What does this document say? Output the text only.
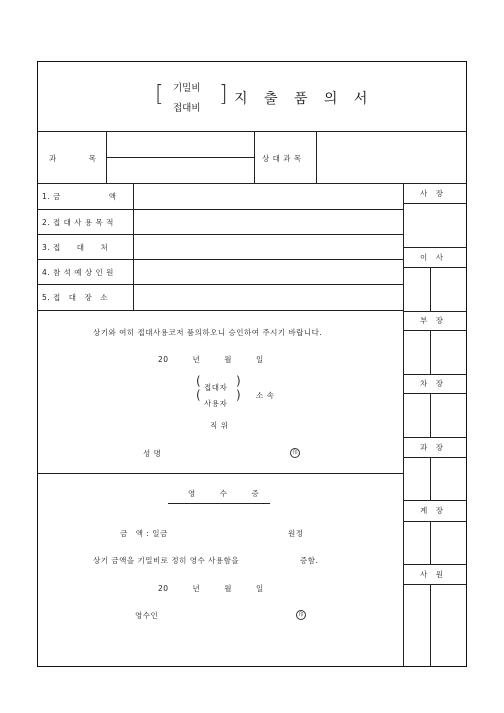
[ 기밀비
접대비
] 지 출 품 의 서
사　장
이　사
부　장
차　장
과　장
계　장
사　원
과　　　　목	상 대 과 목
1. 금　　　　　　액
2. 접 대 사 용 목 적
3. 접　　대　　처
4. 참 석 예 상 인 원
5. 접　대　장　소
상기와 여히 접대사용코저 품의하오니 승인하여 주시기 바랍니다.
20　　　년　　　월　　　일
(
(
접대자
사용자
)
) 소 속
직 위
성 명	印
영　　　수　　　증
금　액 : 일금	원정
상기 금액을 기밀비로 정히 영수 사용함을	증함.
20　　　년　　　월　　　일
영수인	印
